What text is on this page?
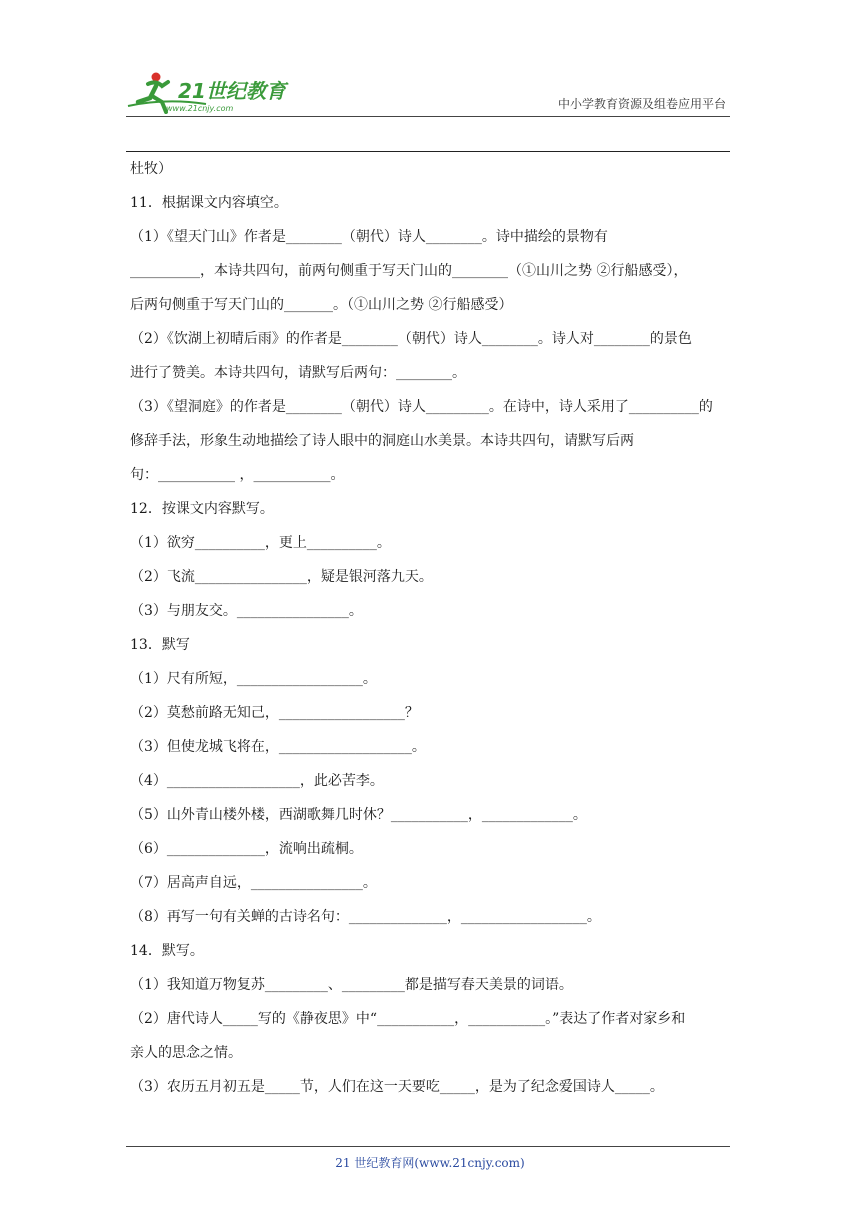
21世纪教育
www.21cnjy.com	中小学教育资源及组卷应用平台
杜牧）
11．根据课文内容填空。
（1）《望天门山》作者是________（朝代）诗人________。诗中描绘的景物有
__________，本诗共四句，前两句侧重于写天门山的________（①山川之势 ②行船感受），
后两句侧重于写天门山的_______。（①山川之势 ②行船感受）
（2）《饮湖上初晴后雨》的作者是________（朝代）诗人________。诗人对________的景色
进行了赞美。本诗共四句，请默写后两句：________。
（3）《望洞庭》的作者是________（朝代）诗人_________。在诗中，诗人采用了__________的
修辞手法，形象生动地描绘了诗人眼中的洞庭山水美景。本诗共四句，请默写后两
句：___________ ，___________。
12．按课文内容默写。
（1）欲穷__________，更上__________。
（2）飞流________________，疑是银河落九天。
（3）与朋友交。________________。
13．默写
（1）尺有所短，__________________。
（2）莫愁前路无知己，__________________？
（3）但使龙城飞将在，___________________。
（4）___________________，此必苦李。
（5）山外青山楼外楼，西湖歌舞几时休？___________，_____________。
（6）______________，流响出疏桐。
（7）居高声自远，________________。
（8）再写一句有关蝉的古诗名句：______________，__________________。
14．默写。
（1）我知道万物复苏_________、_________都是描写春天美景的词语。
（2）唐代诗人_____写的《静夜思》中“___________，___________。”表达了作者对家乡和
亲人的思念之情。
（3）农历五月初五是_____节，人们在这一天要吃_____，是为了纪念爱国诗人_____。
21 世纪教育网(www.21cnjy.com)
